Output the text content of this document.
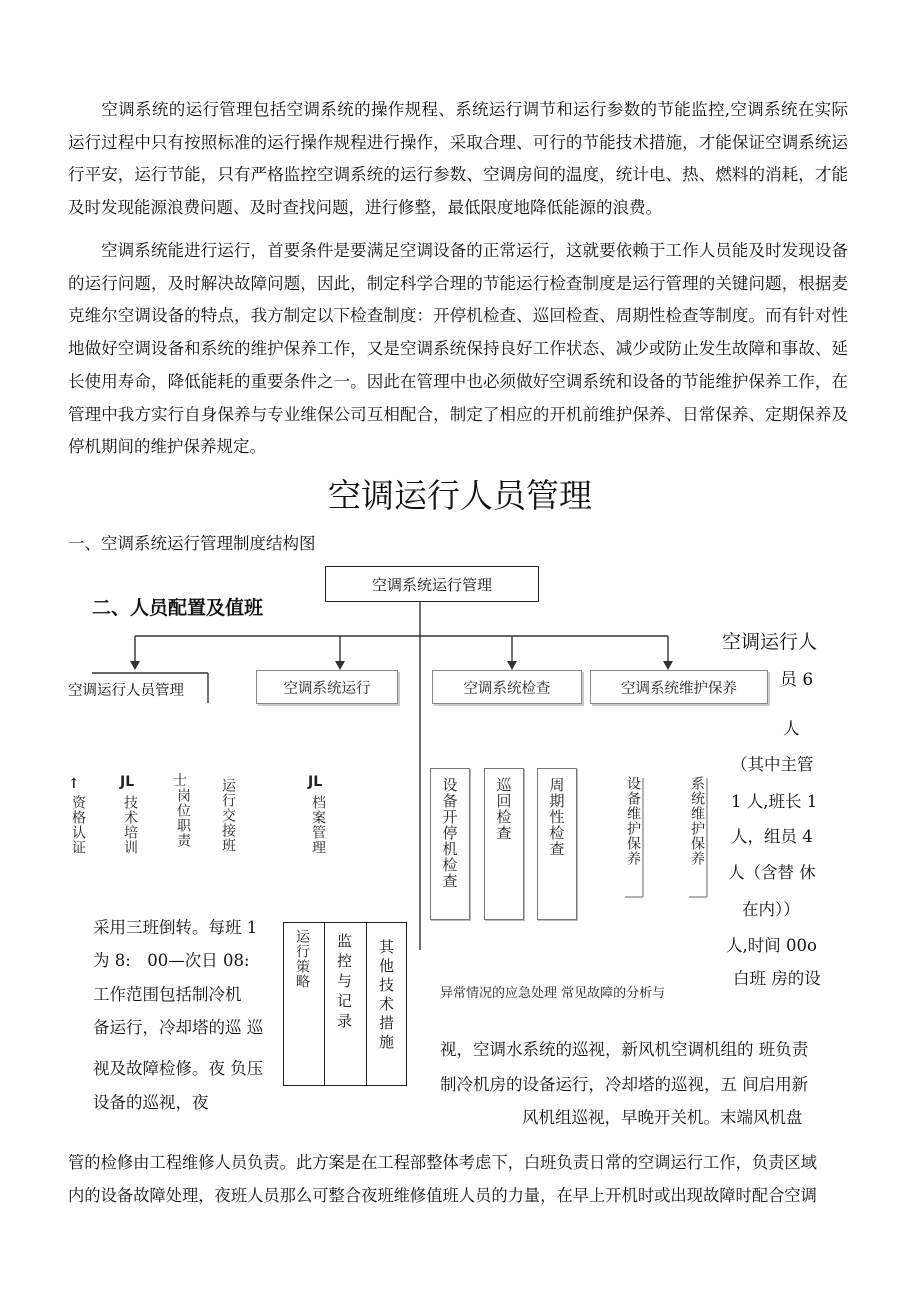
空调系统的运行管理包括空调系统的操作规程、系统运行调节和运行参数的节能监控,空调系统在实际运行过程中只有按照标准的运行操作规程进行操作，采取合理、可行的节能技术措施，才能保证空调系统运行平安，运行节能，只有严格监控空调系统的运行参数、空调房间的温度，统计电、热、燃料的消耗，才能及时发现能源浪费问题、及时查找问题，进行修整，最低限度地降低能源的浪费。

空调系统能进行运行，首要条件是要满足空调设备的正常运行，这就要依赖于工作人员能及时发现设备的运行问题，及时解决故障问题，因此，制定科学合理的节能运行检查制度是运行管理的关键问题，根据麦克维尔空调设备的特点，我方制定以下检查制度：开停机检查、巡回检查、周期性检查等制度。而有针对性地做好空调设备和系统的维护保养工作，又是空调系统保持良好工作状态、减少或防止发生故障和事故、延长使用寿命，降低能耗的重要条件之一。因此在管理中也必须做好空调系统和设备的节能维护保养工作，在管理中我方实行自身保养与专业维保公司互相配合，制定了相应的开机前维护保养、日常保养、定期保养及停机期间的维护保养规定。

空调运行人员管理
一、空调系统运行管理制度结构图
二、人员配置及值班
空调系统运行管理
空调运行人员管理	空调系统运行	空调系统检查	空调系统维护保养
↑
资格认证
JL
技术培训
士
岗位职责 运行交接班	JL
档案管理	设备开停机检查 巡回检查 周期性检查	设备维护保养	系统维护保养
运行策略 监控与记录 其他技术措施	异常情况的应急处理 常见故障的分析与
空调运行人
员 6
人
（其中主管
1 人,班长 1
人，组员 4
人（含替 休
在内））
人,时间 00o
白班 房的设
采用三班倒转。每班 1
为 8:　00—次日 08:
工作范围包括制冷机
备运行，冷却塔的巡 巡
视及故障检修。夜 负压
设备的巡视，夜
视，空调水系统的巡视，新风机空调机组的 班负责
制冷机房的设备运行，冷却塔的巡视，五 间启用新
风机组巡视，早晚开关机。末端风机盘
管的检修由工程维修人员负责。此方案是在工程部整体考虑下，白班负责日常的空调运行工作，负责区域
内的设备故障处理，夜班人员那么可整合夜班维修值班人员的力量，在早上开机时或出现故障时配合空调
